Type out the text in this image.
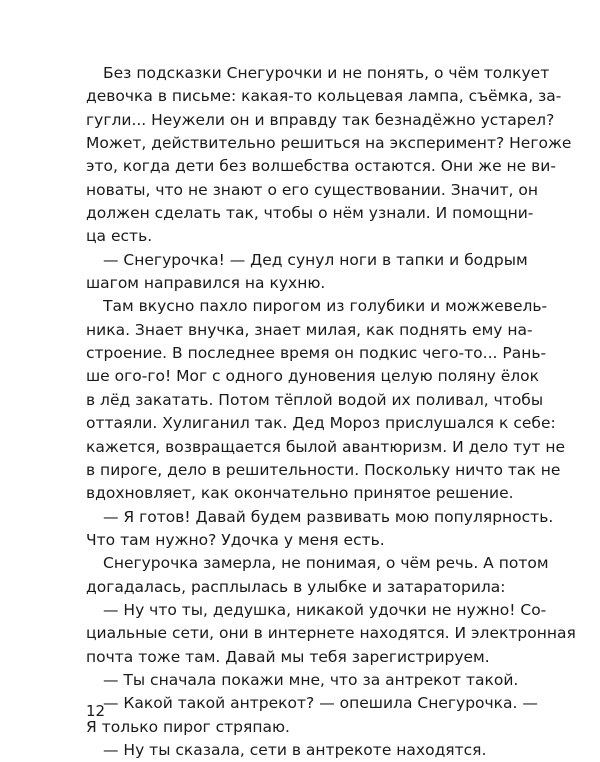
Без подсказки Снегурочки и не понять, о чём толкует
девочка в письме: какая-то кольцевая лампа, съёмка, за-
гугли... Неужели он и вправду так безнадёжно устарел?
Может, действительно решиться на эксперимент? Негоже
это, когда дети без волшебства остаются. Они же не ви-
новаты, что не знают о его существовании. Значит, он
должен сделать так, чтобы о нём узнали. И помощни-
ца есть.
— Снегурочка! — Дед сунул ноги в тапки и бодрым
шагом направился на кухню.
Там вкусно пахло пирогом из голубики и можжевель-
ника. Знает внучка, знает милая, как поднять ему на-
строение. В последнее время он подкис чего-то... Рань-
ше ого-го! Мог с одного дуновения целую поляну ёлок
в лёд закатать. Потом тёплой водой их поливал, чтобы
оттаяли. Хулиганил так. Дед Мороз прислушался к себе:
кажется, возвращается былой авантюризм. И дело тут не
в пироге, дело в решительности. Поскольку ничто так не
вдохновляет, как окончательно принятое решение.
— Я готов! Давай будем развивать мою популярность.
Что там нужно? Удочка у меня есть.
Снегурочка замерла, не понимая, о чём речь. А потом
догадалась, расплылась в улыбке и затараторила:
— Ну что ты, дедушка, никакой удочки не нужно! Со-
циальные сети, они в интернете находятся. И электронная
почта тоже там. Давай мы тебя зарегистрируем.
— Ты сначала покажи мне, что за антрекот такой.
— Какой такой антрекот? — опешила Снегурочка. —
Я только пирог стряпаю.
— Ну ты сказала, сети в антрекоте находятся.
12
